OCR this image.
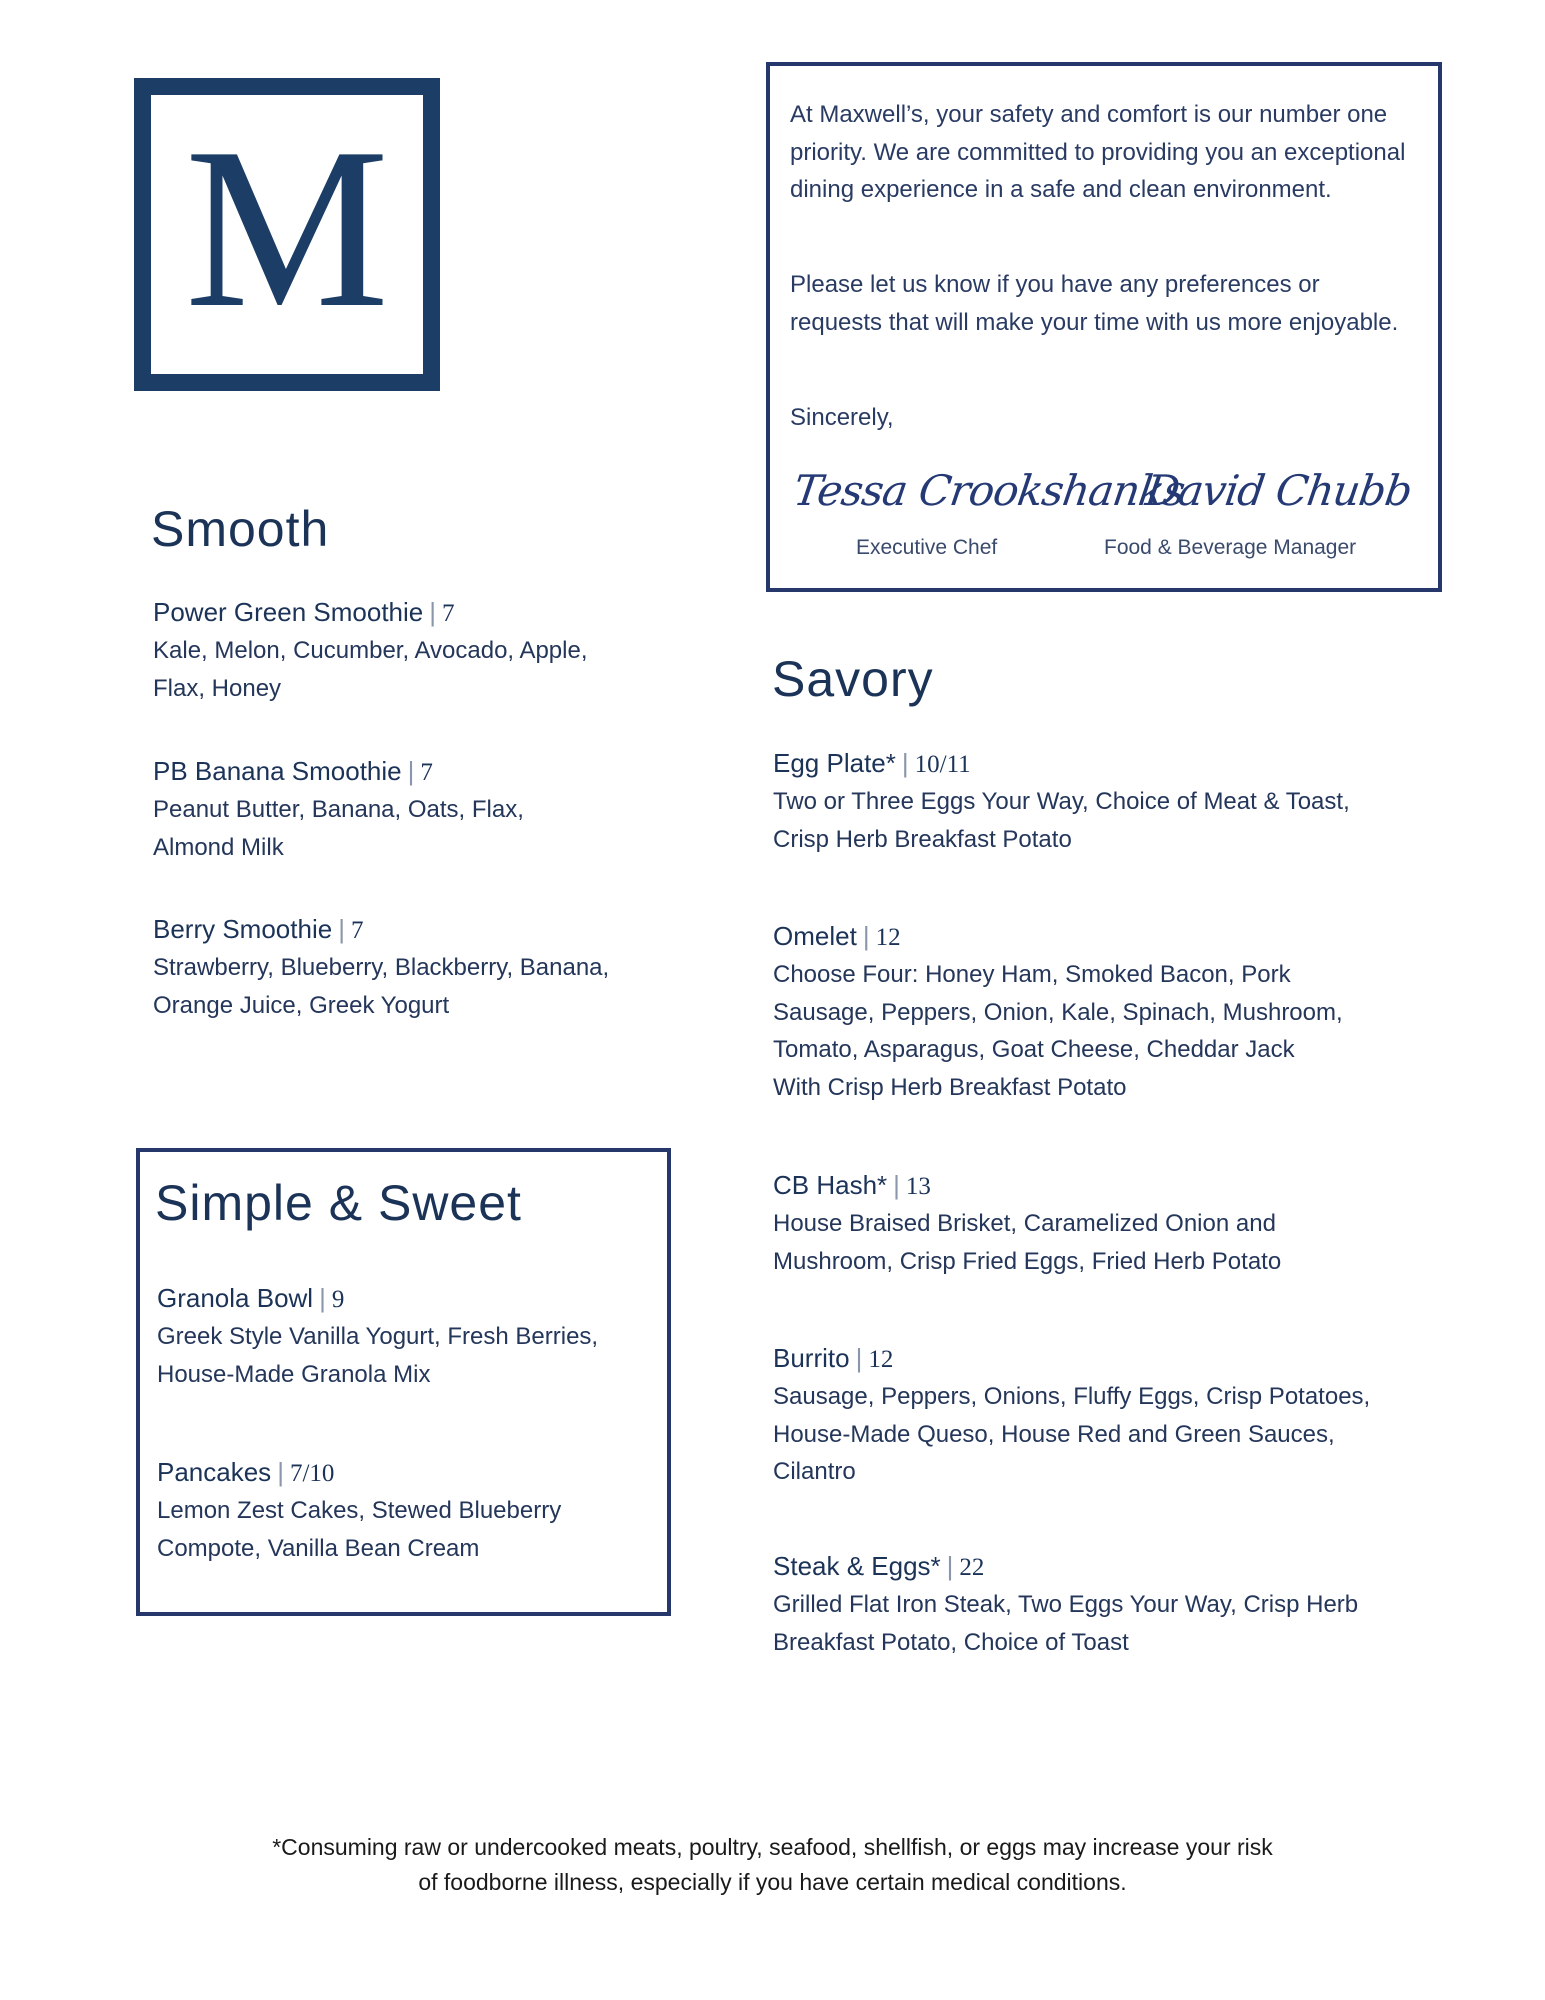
M	At Maxwell’s, your safety and comfort is our number one priority. We are committed to providing you an exceptional dining experience in a safe and clean environment.

Please let us know if you have any preferences or requests that will make your time with us more enjoyable.

Sincerely,

Tessa Crookshanks
Executive Chef
David Chubb
Food & Beverage Manager
Smooth
Power Green Smoothie | 7
Kale, Melon, Cucumber, Avocado, Apple,
Flax, Honey
PB Banana Smoothie | 7
Peanut Butter, Banana, Oats, Flax,
Almond Milk
Berry Smoothie | 7
Strawberry, Blueberry, Blackberry, Banana,
Orange Juice, Greek Yogurt
Simple & Sweet
Granola Bowl | 9
Greek Style Vanilla Yogurt, Fresh Berries,
House-Made Granola Mix
Pancakes | 7/10
Lemon Zest Cakes, Stewed Blueberry
Compote, Vanilla Bean Cream
Savory
Egg Plate* | 10/11
Two or Three Eggs Your Way, Choice of Meat & Toast,
Crisp Herb Breakfast Potato
Omelet | 12
Choose Four: Honey Ham, Smoked Bacon, Pork
Sausage, Peppers, Onion, Kale, Spinach, Mushroom,
Tomato, Asparagus, Goat Cheese, Cheddar Jack
With Crisp Herb Breakfast Potato
CB Hash* | 13
House Braised Brisket, Caramelized Onion and
Mushroom, Crisp Fried Eggs, Fried Herb Potato
Burrito | 12
Sausage, Peppers, Onions, Fluffy Eggs, Crisp Potatoes,
House-Made Queso, House Red and Green Sauces,
Cilantro
Steak & Eggs* | 22
Grilled Flat Iron Steak, Two Eggs Your Way, Crisp Herb
Breakfast Potato, Choice of Toast
*Consuming raw or undercooked meats, poultry, seafood, shellfish, or eggs may increase your risk
of foodborne illness, especially if you have certain medical conditions.
